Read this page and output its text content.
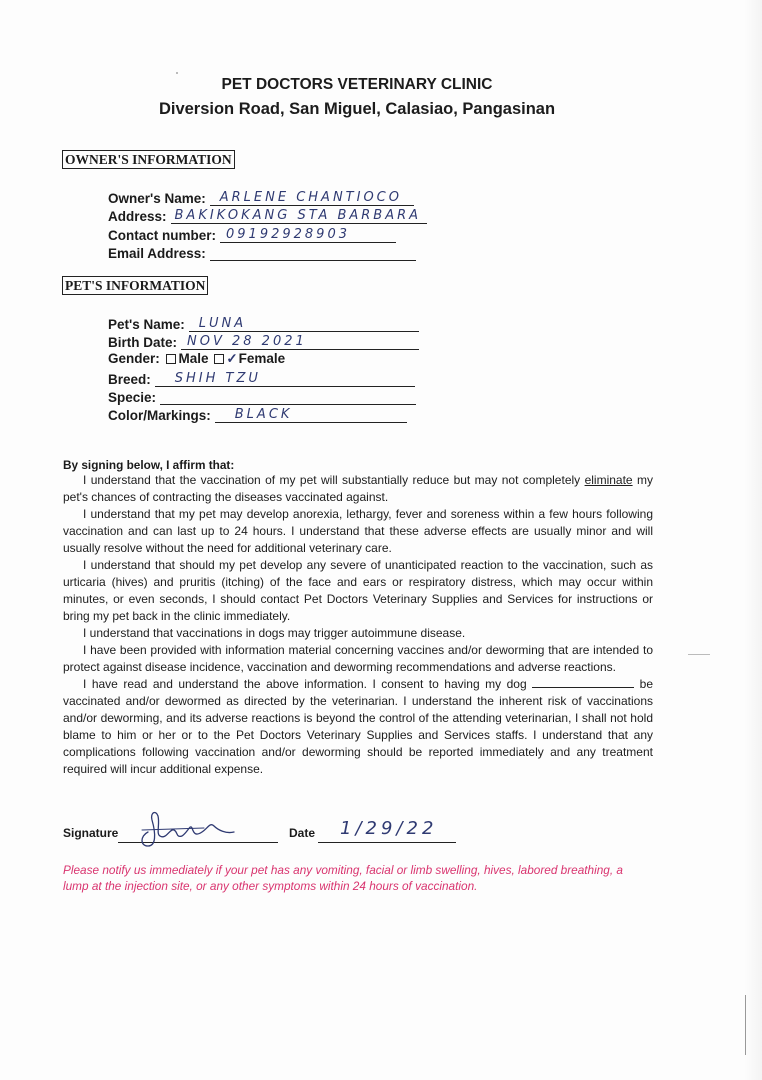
PET DOCTORS VETERINARY CLINIC
Diversion Road, San Miguel, Calasiao, Pangasinan
OWNER'S INFORMATION
Owner's Name: ARLENE CHANTIOCO
Address: BAKIKOKANG STA BARBARA
Contact number: 09192928903
Email Address:
PET'S INFORMATION
Pet's Name: LUNA
Birth Date: NOV 28 2021
Gender: Male ✓Female
Breed: SHIH TZU
Specie:
Color/Markings: BLACK
By signing below, I affirm that:

I understand that the vaccination of my pet will substantially reduce but may not completely eliminate my pet's chances of contracting the diseases vaccinated against.

I understand that my pet may develop anorexia, lethargy, fever and soreness within a few hours following vaccination and can last up to 24 hours. I understand that these adverse effects are usually minor and will usually resolve without the need for additional veterinary care.

I understand that should my pet develop any severe of unanticipated reaction to the vaccination, such as urticaria (hives) and pruritis (itching) of the face and ears or respiratory distress, which may occur within minutes, or even seconds, I should contact Pet Doctors Veterinary Supplies and Services for instructions or bring my pet back in the clinic immediately.

I understand that vaccinations in dogs may trigger autoimmune disease.

I have been provided with information material concerning vaccines and/or deworming that are intended to protect against disease incidence, vaccination and deworming recommendations and adverse reactions.

I have read and understand the above information. I consent to having my dog	be vaccinated and/or dewormed as directed by the veterinarian. I understand the inherent risk of vaccinations and/or deworming, and its adverse reactions is beyond the control of the attending veterinarian, I shall not hold blame to him or her or to the Pet Doctors Veterinary Supplies and Services staffs. I understand that any complications following vaccination and/or deworming should be reported immediately and any treatment required will incur additional expense.

Signature	Date 1/29/22
Please notify us immediately if your pet has any vomiting, facial or limb swelling, hives, labored breathing, a lump at the injection site, or any other symptoms within 24 hours of vaccination.
